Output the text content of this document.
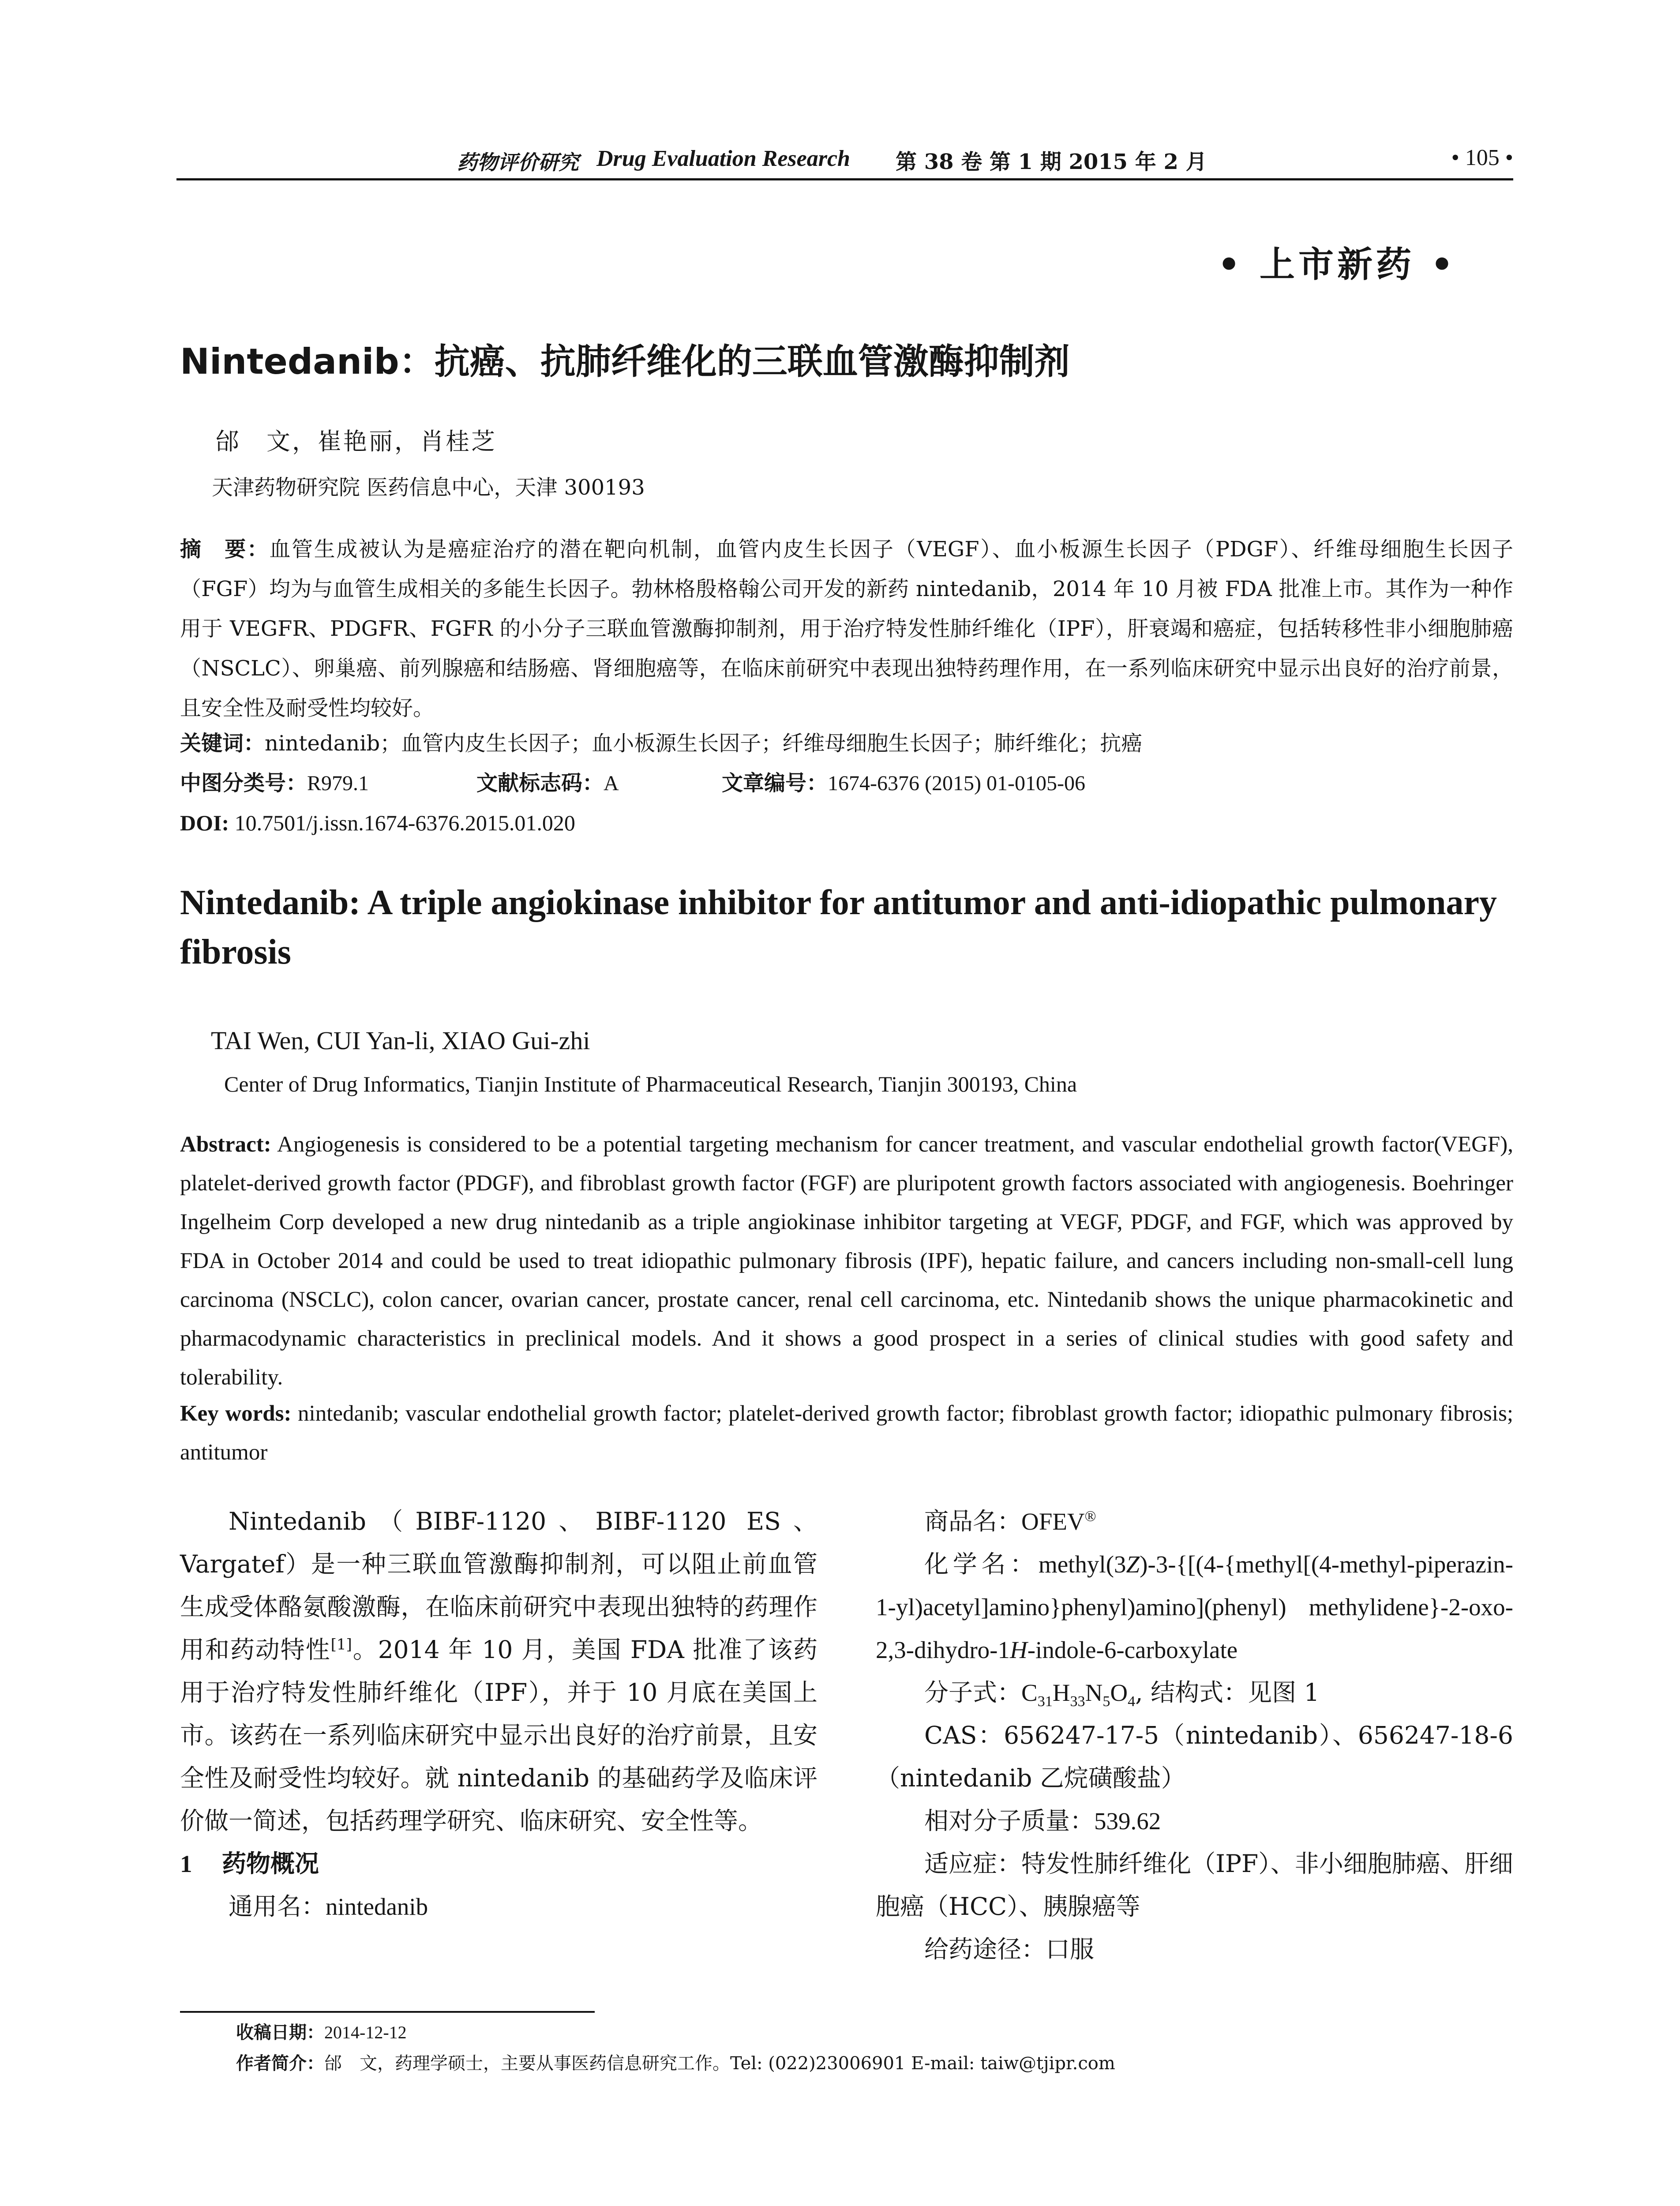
药物评价研究 Drug Evaluation Research 第 38 卷 第 1 期 2015 年 2 月	• 105 •
• 上市新药 •
Nintedanib：抗癌、抗肺纤维化的三联血管激酶抑制剂
邰　文，崔艳丽，肖桂芝
天津药物研究院 医药信息中心，天津 300193
摘　要：血管生成被认为是癌症治疗的潜在靶向机制，血管内皮生长因子（VEGF）、血小板源生长因子（PDGF）、纤维母细胞生长因子（FGF）均为与血管生成相关的多能生长因子。勃林格殷格翰公司开发的新药 nintedanib，2014 年 10 月被 FDA 批准上市。其作为一种作用于 VEGFR、PDGFR、FGFR 的小分子三联血管激酶抑制剂，用于治疗特发性肺纤维化（IPF），肝衰竭和癌症，包括转移性非小细胞肺癌（NSCLC）、卵巢癌、前列腺癌和结肠癌、肾细胞癌等，在临床前研究中表现出独特药理作用，在一系列临床研究中显示出良好的治疗前景，且安全性及耐受性均较好。
关键词：nintedanib；血管内皮生长因子；血小板源生长因子；纤维母细胞生长因子；肺纤维化；抗癌
中图分类号：R979.1	文献标志码：A	文章编号：1674-6376 (2015) 01-0105-06
DOI: 10.7501/j.issn.1674-6376.2015.01.020
Nintedanib: A triple angiokinase inhibitor for antitumor and anti-idiopathic pulmonary fibrosis
TAI Wen, CUI Yan-li, XIAO Gui-zhi
Center of Drug Informatics, Tianjin Institute of Pharmaceutical Research, Tianjin 300193, China
Abstract: Angiogenesis is considered to be a potential targeting mechanism for cancer treatment, and vascular endothelial growth factor(VEGF), platelet-derived growth factor (PDGF), and fibroblast growth factor (FGF) are pluripotent growth factors associated with angiogenesis. Boehringer Ingelheim Corp developed a new drug nintedanib as a triple angiokinase inhibitor targeting at VEGF, PDGF, and FGF, which was approved by FDA in October 2014 and could be used to treat idiopathic pulmonary fibrosis (IPF), hepatic failure, and cancers including non-small-cell lung carcinoma (NSCLC), colon cancer, ovarian cancer, prostate cancer, renal cell carcinoma, etc. Nintedanib shows the unique pharmacokinetic and pharmacodynamic characteristics in preclinical models. And it shows a good prospect in a series of clinical studies with good safety and tolerability.
Key words: nintedanib; vascular endothelial growth factor; platelet-derived growth factor; fibroblast growth factor; idiopathic pulmonary fibrosis; antitumor

Nintedanib（BIBF-1120、BIBF-1120 ES、Vargatef）是一种三联血管激酶抑制剂，可以阻止前血管生成受体酪氨酸激酶，在临床前研究中表现出独特的药理作用和药动特性[1]。2014 年 10 月，美国 FDA 批准了该药用于治疗特发性肺纤维化（IPF），并于 10 月底在美国上市。该药在一系列临床研究中显示出良好的治疗前景，且安全性及耐受性均较好。就 nintedanib 的基础药学及临床评价做一简述，包括药理学研究、临床研究、安全性等。

1 药物概况

通用名：nintedanib

商品名：OFEV®

化学名：methyl(3Z)-3-{[(4-{methyl[(4-methyl-piperazin-1-yl)acetyl]amino}phenyl)amino](phenyl) methylidene}-2-oxo-2,3-dihydro-1H-indole-6-carboxylate

分子式：$C_{31}H_{33}N_5O_4$, 结构式：见图 1

CAS：656247-17-5（nintedanib）、656247-18-6（nintedanib 乙烷磺酸盐）

相对分子质量：539.62

适应症：特发性肺纤维化（IPF）、非小细胞肺癌、肝细胞癌（HCC）、胰腺癌等

给药途径：口服

收稿日期：2014-12-12
作者简介：邰　文，药理学硕士，主要从事医药信息研究工作。Tel: (022)23006901 E-mail: taiw@tjipr.com
